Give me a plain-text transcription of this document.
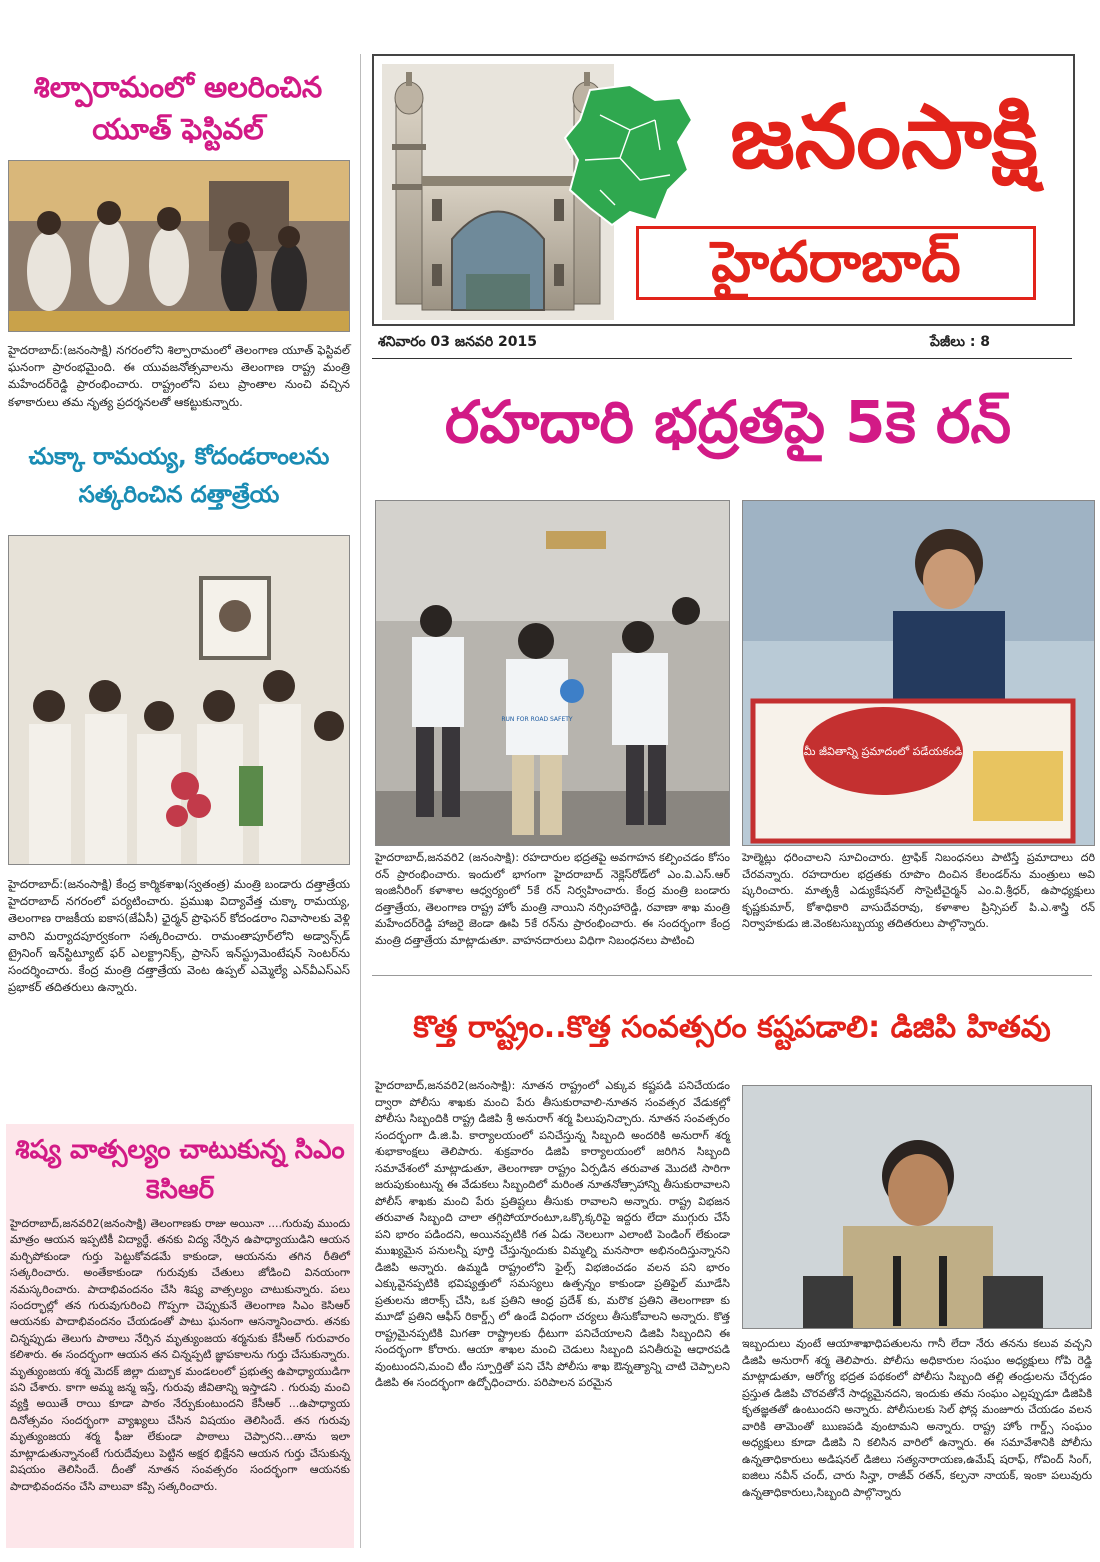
జనంసాక్షి
హైదరాబాద్
శనివారం 03 జనవరి 2015	పేజీలు : 8
శిల్పారామంలో అలరించిన యూత్ ఫెస్టివల్

హైదరాబాద్:(జనంసాక్షి) నగరంలోని శిల్పారామంలో తెలంగాణ యూత్ ఫెస్టివల్ ఘనంగా ప్రారంభమైంది. ఈ యువజనోత్సవాలను తెలంగాణ రాష్ట్ర మంత్రి మహేందర్‌రెడ్డి ప్రారంభించారు. రాష్ట్రంలోని పలు ప్రాంతాల నుంచి వచ్చిన కళాకారులు తమ నృత్య ప్రదర్శనలతో ఆకట్టుకున్నారు.

చుక్కా రామయ్య, కోదండరాంలను సత్కరించిన దత్తాత్రేయ

హైదరాబాద్:(జనంసాక్షి) కేంద్ర కార్మికశాఖ(స్వతంత్ర) మంత్రి బండారు దత్తాత్రేయ హైదరాబాద్ నగరంలో పర్యటించారు. ప్రముఖ విద్యావేత్త చుక్కా రామయ్య, తెలంగాణ రాజకీయ ఐకాస(జేఏసీ) ఛైర్మన్ ప్రొఫెసర్ కోదండరాం నివాసాలకు వెళ్లి వారిని మర్యాదపూర్వకంగా సత్కరించారు. రామంతాపూర్‌లోని అడ్వాన్స్‌డ్ ట్రైనింగ్ ఇన్‌స్టిట్యూట్ ఫర్ ఎలక్ట్రానిక్స్, ప్రాసెస్ ఇన్‌స్ట్రుమెంటేషన్ సెంటర్‌ను సందర్శించారు. కేంద్ర మంత్రి దత్తాత్రేయ వెంట ఉప్పల్ ఎమ్మెల్యే ఎన్‌వీఎస్‌ఎస్ ప్రభాకర్ తదితరులు ఉన్నారు.

శిష్య వాత్సల్యం చాటుకున్న సిఎం కెసిఆర్

హైదరాబాద్,జనవరి2(జనంసాక్షి) తెలంగాణకు రాజు అయినా ....గురువు ముందు మాత్రం ఆయన ఇప్పటికీ విద్యార్థే. తనకు విద్య నేర్పిన ఉపాధ్యాయుడిని ఆయన మర్చిపోకుండా గుర్తు పెట్టుకోవడమే కాకుండా, ఆయనను తగిన రీతిలో సత్కరించారు. అంతేకాకుండా గురువుకు చేతులు జోడించి వినయంగా నమస్కరించారు. పాదాభివందనం చేసి శిష్య వాత్సల్యం చాటుకున్నారు. పలు సందర్భాల్లో తన గురువుగురించి గొప్పగా చెప్పుకునే తెలంగాణ సిఎం కెసిఆర్ ఆయనకు పాదాభివందనం చేయడంతో పాటు ఘనంగా ఆసన్మానించారు. తనకు చిన్నప్పుడు తెలుగు పాఠాలు నేర్పిన మృత్యుంజయ శర్మనుకు కేసీఆర్ గురువారం కలిశారు. ఈ సందర్భంగా ఆయన తన చిన్నప్పటి జ్ఞాపకాలను గుర్తు చేసుకున్నారు. మృత్యుంజయ శర్మ మెదక్ జిల్లా దుబ్బాక మండలంలో ప్రభుత్వ ఉపాధ్యాయుడిగా పని చేశారు. కాగా అమ్మ జన్మ ఇస్తే, గురువు జీవితాన్ని ఇస్తాడని . గురువు మంచి వ్యక్తి అయితే రాయి కూడా పాఠం నేర్పుకుంటుందని కేసీఆర్ ...ఉపాధ్యాయ దినోత్సవం సందర్భంగా వ్యాఖ్యలు చేసిన విషయం తెలిసిందే. తన గురువు మృత్యుంజయ శర్మ ఫీజు లేకుండా పాఠాలు చెప్పారని...తాను ఇలా మాట్లాడుతున్నానంటే గురుదేవులు పెట్టిన అక్షర భిక్షేనని ఆయన గుర్తు చేసుకున్న విషయం తెలిసిందే. దీంతో నూతన సంవత్సరం సందర్భంగా ఆయనకు పాదాభివందనం చేసి వాలువా కప్పి సత్కరించారు.

రహదారి భద్రతపై 5కె రన్
RUN FOR ROAD SAFETY
మీ జీవితాన్ని ప్రమాదంలో పడేయకండి

హైదరాబాద్,జనవరి2 (జనంసాక్షి): రహదారుల భద్రతపై అవగాహన కల్పించడం కోసం రన్ ప్రారంభించారు. ఇందులో భాగంగా హైదరాబాద్ నెక్లెస్‌రోడ్‌లో ఎం.వి.ఎస్.ఆర్ ఇంజినీరింగ్ కళాశాల ఆధ్వర్యంలో 5కే రన్ నిర్వహించారు. కేంద్ర మంత్రి బండారు దత్తాత్రేయ, తెలంగాణ రాష్ట్ర హోం మంత్రి నాయిని నర్సింహారెడ్డి, రవాణా శాఖ మంత్రి మహేందర్‌రెడ్డి హాజరై జెండా ఊపి 5కే రన్‌ను ప్రారంభించారు. ఈ సందర్భంగా కేంద్ర మంత్రి దత్తాత్రేయ మాట్లాడుతూ. వాహనదారులు విధిగా నిబంధనలు పాటించి

హెల్మెట్లు ధరించాలని సూచించారు. ట్రాఫిక్ నిబంధనలు పాటిస్తే ప్రమాదాలు దరి చేరవన్నారు. రహదారుల భద్రతకు రూపొం దించిన కేలండర్‌ను మంత్రులు అవి ష్కరించారు. మాతృశ్రీ ఎడ్యుకేషనల్ సొసైటీచైర్మన్ ఎం.వి.శ్రీధర్, ఉపాధ్యక్షులు కృష్ణకుమార్, కోశాధికారి వాసుదేవరావు, కళాశాల ప్రిన్సిపల్ పి.ఎ.శాస్త్రి రన్ నిర్వాహకుడు జి.వెంకటసుబ్బయ్య తదితరులు పాల్గొన్నారు.

కొత్త రాష్ట్రం..కొత్త సంవత్సరం కష్టపడాలి: డిజిపి హితవు

హైదరాబాద్,జనవరి2(జనంసాక్షి): నూతన రాష్ట్రంలో ఎక్కువ కష్టపడి పనిచేయడం ద్వారా పోలీసు శాఖకు మంచి పేరు తీసుకురావాలి-నూతన సంవత్సర వేడుకల్లో పోలీసు సిబ్బందికి రాష్ట్ర డిజిపి శ్రీ అనురాగ్ శర్మ పిలుపునిచ్చారు. నూతన సంవత్సరం సందర్భంగా డి.జి.పి. కార్యాలయంలో పనిచేస్తున్న సిబ్బంది అందరికి అనురాగ్ శర్మ శుభాకాంక్షలు తెలిపారు. శుక్రవారం డిజిపి కార్యాలయంలో జరిగిన సిబ్బంది సమావేశంలో మాట్లాడుతూ, తెలంగాణా రాష్ట్రం ఏర్పడిన తరువాత మొదటి సారిగా జరుపుకుంటున్న ఈ వేడుకలు సిబ్బందిలో మరింత నూతనోత్సాహాన్ని తీసుకురావాలని పోలీస్ శాఖకు మంచి పేరు ప్రతిష్టలు తీసుకు రావాలని అన్నారు. రాష్ట్ర విభజన తరువాత సిబ్బంది చాలా తగ్గిపోయారంటూ,ఒక్కొక్కరిపై ఇద్దరు లేదా ముగ్గురు చేసే పని భారం పడిందని, అయినప్పటికి గత ఏడు నెలలుగా ఎలాంటి పెండింగ్ లేకుండా ముఖ్యమైన పనులన్నీ పూర్తి చేస్తున్నందుకు విమ్మల్ని మనసారా అభినందిస్తున్నానని డిజిపి అన్నారు. ఉమ్మడి రాష్ట్రంలోని ఫైల్స్ విభజించడం వలన పని భారం ఎక్కువైనప్పటికి భవిష్యత్తులో సమస్యలు ఉత్పన్నం కాకుండా ప్రతిఫైల్ మూడేసి ప్రతులను జిరాక్స్ చేసి, ఒక ప్రతిని ఆంధ్ర ప్రదేశ్ కు, మరొక ప్రతిని తెలంగాణా కు మూడో ప్రతిని ఆఫీస్ రికార్డ్స్ లో ఉండే విధంగా చర్యలు తీసుకోవాలని అన్నారు. కొత్త రాష్ట్రమైనప్పటికి మిగతా రాష్ట్రాలకు ధీటుగా పనిచేయాలని డిజిపి సిబ్బందిని ఈ సందర్భంగా కోరారు. ఆయా శాఖల మంచి చెడులు సిబ్బంది పనితీరుపై ఆధారపడి వుంటుందని,మంచి టీం స్పూర్తితో పని చేసి పోలీసు శాఖ ఔన్నత్యాన్ని చాటి చెప్పాలని డిజిపి ఈ సందర్భంగా ఉద్బోధించారు. పరిపాలన పరమైన

ఇబ్బందులు వుంటే ఆయాశాఖాధిపతులను గానీ లేదా నేరు తనను కలువ వచ్చని డిజిపి అనురాగ్ శర్మ తెలిపారు. పోలీసు అధికారుల సంఘం అధ్యక్షులు గోపి రెడ్డి మాట్లాడుతూ, ఆరోగ్య భద్రత పథకంలో పోలీసు సిబ్బంది తల్లి తండ్రులను చేర్చడం ప్రస్తుత డిజిపి చొరవతోనే సాధ్యమైనదని, ఇందుకు తమ సంఘం ఎల్లప్పుడూ డిజిపికి కృతజ్ఞతతో ఉంటుందని అన్నారు. పోలీసులకు సెల్ ఫోన్ల మంజూరు చేయడం వలన వారికి తామెంతో ఋణపడి వుంటామని అన్నారు. రాష్ట్ర హోం గార్డ్స్ సంఘం అధ్యక్షులు కూడా డిజిపి ని కలిసిన వారిలో ఉన్నారు. ఈ సమావేశానికి పోలీసు ఉన్నతాధికారులు అడిషనల్ డిజిలు సత్యనారాయణ,ఉమేష్ షరాఫ్, గోవింద్ సింగ్, ఐజిలు నవీన్ చంద్, చారు సిన్హా, రాజీవ్ రతన్, కల్పనా నాయక్, ఇంకా పలువురు ఉన్నతాధికారులు,సిబ్బంది పాల్గొన్నారు
